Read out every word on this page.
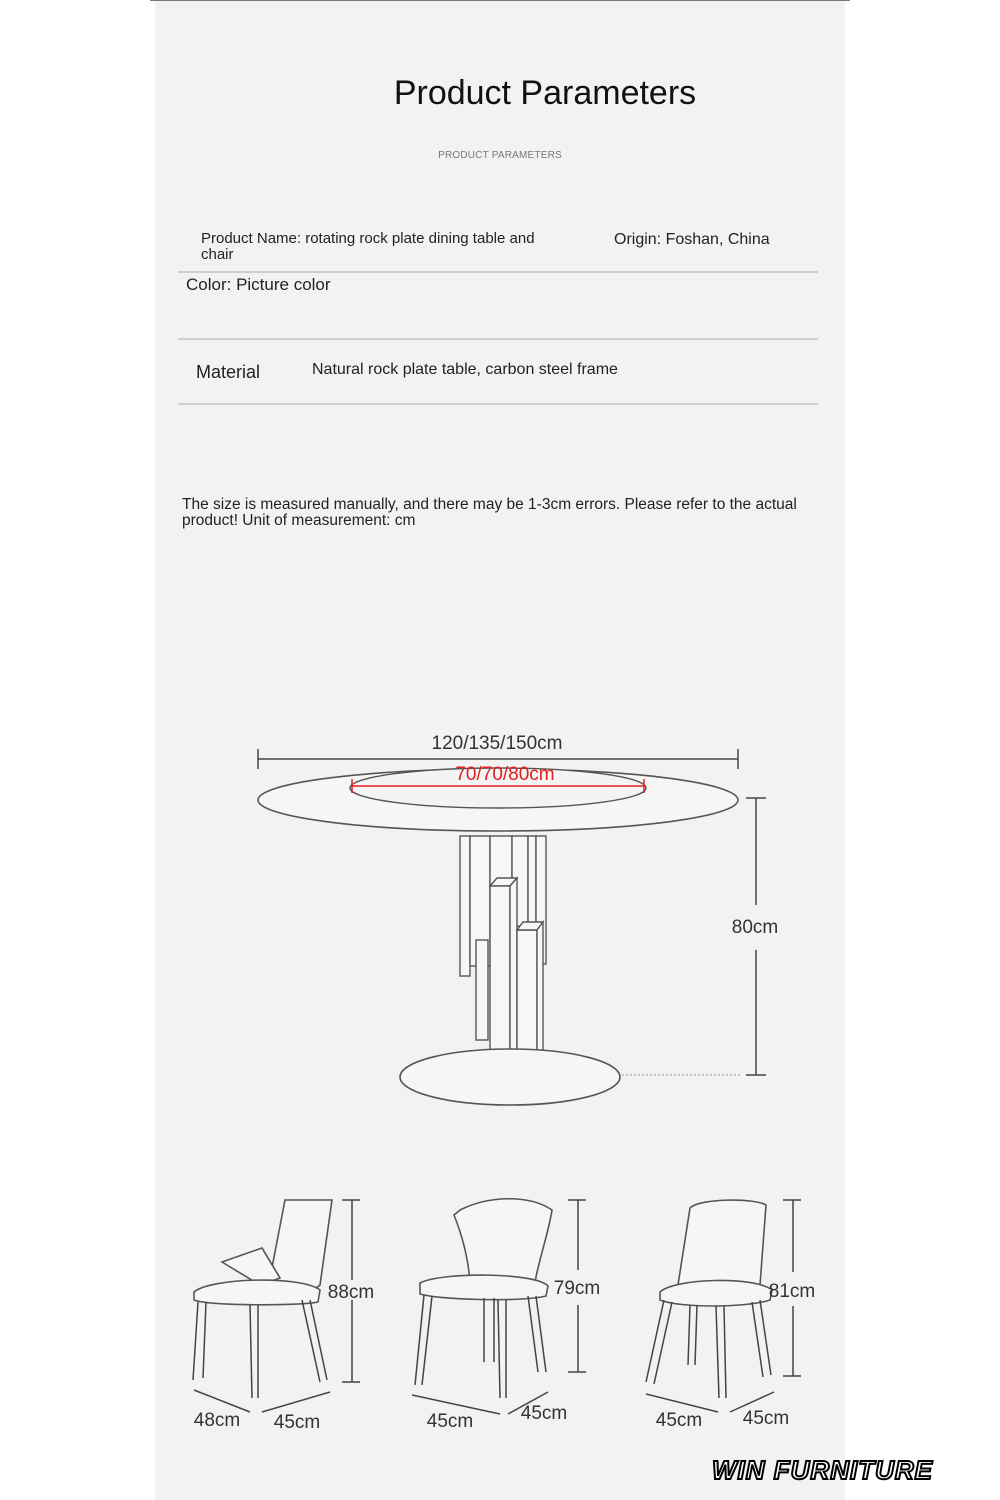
Product Parameters
PRODUCT PARAMETERS
Product Name: rotating rock plate dining table and chair
Origin: Foshan, China
Color: Picture color
Material	Natural rock plate table, carbon steel frame
The size is measured manually, and there may be 1-3cm errors. Please refer to the actual product! Unit of measurement: cm
120/135/150cm
70/70/80cm
80cm
88cm
48cm 45cm
79cm
45cm	45cm
81cm
45cm 45cm
WIN FURNITURE
